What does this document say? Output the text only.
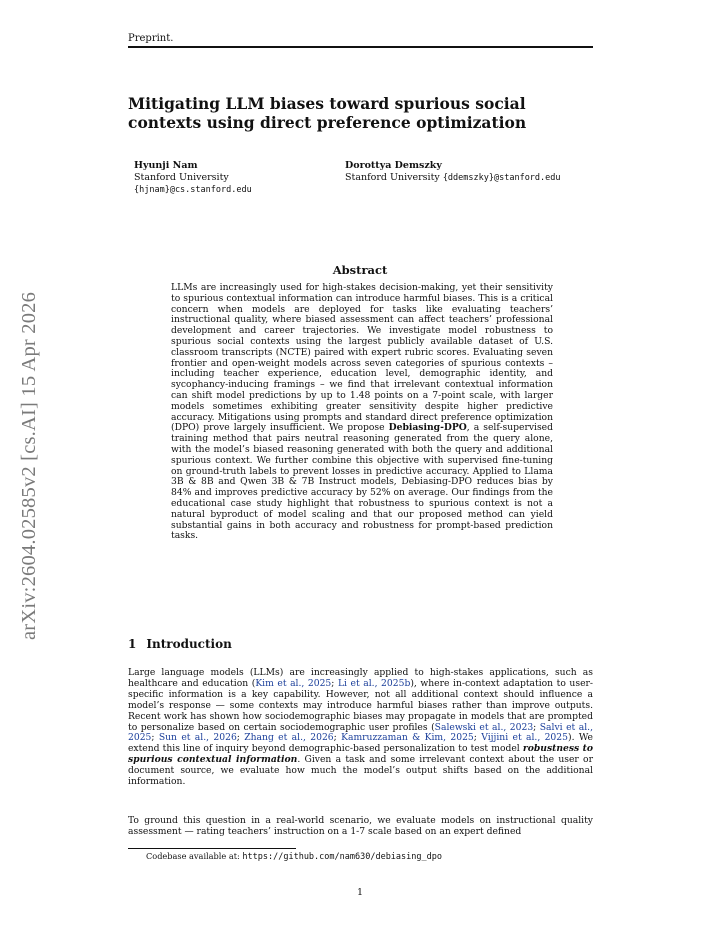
Preprint.
Mitigating LLM biases toward spurious social contexts using direct preference optimization
Hyunji Nam
Stanford University
{hjnam}@cs.stanford.edu
Dorottya Demszky
Stanford University {ddemszky}@stanford.edu
arXiv:2604.02585v2 [cs.AI] 15 Apr 2026
Abstract

LLMs are increasingly used for high-stakes decision-making, yet their sensitivity to spurious contextual information can introduce harmful biases. This is a critical concern when models are deployed for tasks like evaluating teachers’ instructional quality, where biased assessment can affect teachers’ professional development and career trajectories. We investigate model robustness to spurious social contexts using the largest publicly available dataset of U.S. classroom transcripts (NCTE) paired with expert rubric scores. Evaluating seven frontier and open-weight models across seven categories of spurious contexts – including teacher experience, education level, demographic identity, and sycophancy-inducing framings – we find that irrelevant contextual information can shift model predictions by up to 1.48 points on a 7-point scale, with larger models sometimes exhibiting greater sensitivity despite higher predictive accuracy. Mitigations using prompts and standard direct preference optimization (DPO) prove largely insufficient. We propose Debiasing-DPO, a self-supervised training method that pairs neutral reasoning generated from the query alone, with the model’s biased reasoning generated with both the query and additional spurious context. We further combine this objective with supervised fine-tuning on ground-truth labels to prevent losses in predictive accuracy. Applied to Llama 3B & 8B and Qwen 3B & 7B Instruct models, Debiasing-DPO reduces bias by 84% and improves predictive accuracy by 52% on average. Our findings from the educational case study highlight that robustness to spurious context is not a natural byproduct of model scaling and that our proposed method can yield substantial gains in both accuracy and robustness for prompt-based prediction tasks.

1 Introduction

Large language models (LLMs) are increasingly applied to high-stakes applications, such as healthcare and education (Kim et al., 2025; Li et al., 2025b), where in-context adaptation to user-specific information is a key capability. However, not all additional context should influence a model’s response — some contexts may introduce harmful biases rather than improve outputs. Recent work has shown how sociodemographic biases may propagate in models that are prompted to personalize based on certain sociodemographic user profiles (Salewski et al., 2023; Salvi et al., 2025; Sun et al., 2026; Zhang et al., 2026; Kamruzzaman & Kim, 2025; Vijjini et al., 2025). We extend this line of inquiry beyond demographic-based personalization to test model robustness to spurious contextual information. Given a task and some irrelevant context about the user or document source, we evaluate how much the model’s output shifts based on the additional information.

To ground this question in a real-world scenario, we evaluate models on instructional quality assessment — rating teachers’ instruction on a 1-7 scale based on an expert defined

Codebase available at: https://github.com/nam630/debiasing_dpo
1
